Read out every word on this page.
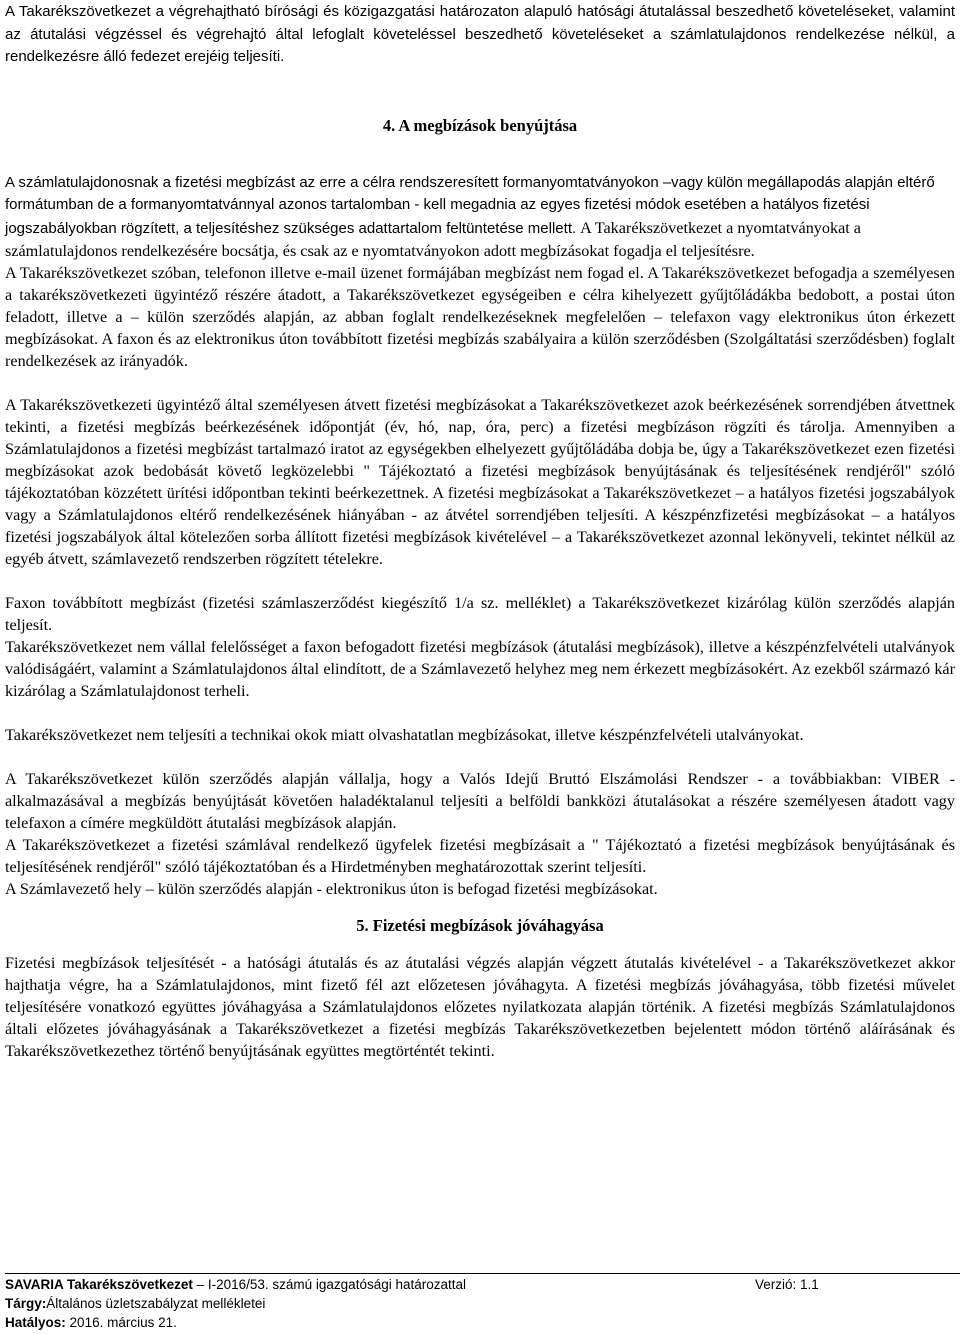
A Takarékszövetkezet a végrehajtható bírósági és közigazgatási határozaton alapuló hatósági átutalással beszedhető követeléseket, valamint az átutalási végzéssel és végrehajtó által lefoglalt követeléssel beszedhető követeléseket a számlatulajdonos rendelkezése nélkül, a rendelkezésre álló fedezet erejéig teljesíti.

4. A megbízások benyújtása

A számlatulajdonosnak a fizetési megbízást az erre a célra rendszeresített formanyomtatványokon –vagy külön megállapodás alapján eltérő formátumban de a formanyomtatvánnyal azonos tartalomban - kell megadnia az egyes fizetési módok esetében a hatályos fizetési jogszabályokban rögzített, a teljesítéshez szükséges adattartalom feltüntetése mellett.

A Takarékszövetkezet a nyomtatványokat a számlatulajdonos rendelkezésére bocsátja, és csak az e nyomtatványokon adott megbízásokat fogadja el teljesítésre.

A Takarékszövetkezet szóban, telefonon illetve e-mail üzenet formájában megbízást nem fogad el. A Takarékszövetkezet befogadja a személyesen a takarékszövetkezeti ügyintéző részére átadott, a Takarékszövetkezet egységeiben e célra kihelyezett gyűjtőládákba bedobott, a postai úton feladott, illetve a – külön szerződés alapján, az abban foglalt rendelkezéseknek megfelelően – telefaxon vagy elektronikus úton érkezett megbízásokat. A faxon és az elektronikus úton továbbított fizetési megbízás szabályaira a külön szerződésben (Szolgáltatási szerződésben) foglalt rendelkezések az irányadók.

A Takarékszövetkezeti ügyintéző által személyesen átvett fizetési megbízásokat a Takarékszövetkezet azok beérkezésének sorrendjében átvettnek tekinti, a fizetési megbízás beérkezésének időpontját (év, hó, nap, óra, perc) a fizetési megbízáson rögzíti és tárolja. Amennyiben a Számlatulajdonos a fizetési megbízást tartalmazó iratot az egységekben elhelyezett gyűjtőládába dobja be, úgy a Takarékszövetkezet ezen fizetési megbízásokat azok bedobását követő legközelebbi " Tájékoztató a fizetési megbízások benyújtásának és teljesítésének rendjéről" szóló tájékoztatóban közzétett ürítési időpontban tekinti beérkezettnek. A fizetési megbízásokat a Takarékszövetkezet – a hatályos fizetési jogszabályok vagy a Számlatulajdonos eltérő rendelkezésének hiányában - az átvétel sorrendjében teljesíti. A készpénzfizetési megbízásokat – a hatályos fizetési jogszabályok által kötelezően sorba állított fizetési megbízások kivételével – a Takarékszövetkezet azonnal lekönyveli, tekintet nélkül az egyéb átvett, számlavezető rendszerben rögzített tételekre.

Faxon továbbított megbízást (fizetési számlaszerződést kiegészítő 1/a sz. melléklet) a Takarékszövetkezet kizárólag külön szerződés alapján teljesít.

Takarékszövetkezet nem vállal felelősséget a faxon befogadott fizetési megbízások (átutalási megbízások), illetve a készpénzfelvételi utalványok valódiságáért, valamint a Számlatulajdonos által elindított, de a Számlavezető helyhez meg nem érkezett megbízásokért. Az ezekből származó kár kizárólag a Számlatulajdonost terheli.

Takarékszövetkezet nem teljesíti a technikai okok miatt olvashatatlan megbízásokat, illetve készpénzfelvételi utalványokat.

A Takarékszövetkezet külön szerződés alapján vállalja, hogy a Valós Idejű Bruttó Elszámolási Rendszer - a továbbiakban: VIBER - alkalmazásával a megbízás benyújtását követően haladéktalanul teljesíti a belföldi bankközi átutalásokat a részére személyesen átadott vagy telefaxon a címére megküldött átutalási megbízások alapján.

A Takarékszövetkezet a fizetési számlával rendelkező ügyfelek fizetési megbízásait a " Tájékoztató a fizetési megbízások benyújtásának és teljesítésének rendjéről" szóló tájékoztatóban és a Hirdetményben meghatározottak szerint teljesíti.

A Számlavezető hely – külön szerződés alapján - elektronikus úton is befogad fizetési megbízásokat.

5. Fizetési megbízások jóváhagyása

Fizetési megbízások teljesítését - a hatósági átutalás és az átutalási végzés alapján végzett átutalás kivételével - a Takarékszövetkezet akkor hajthatja végre, ha a Számlatulajdonos, mint fizető fél azt előzetesen jóváhagyta. A fizetési megbízás jóváhagyása, több fizetési művelet teljesítésére vonatkozó együttes jóváhagyása a Számlatulajdonos előzetes nyilatkozata alapján történik. A fizetési megbízás Számlatulajdonos általi előzetes jóváhagyásának a Takarékszövetkezet a fizetési megbízás Takarékszövetkezetben bejelentett módon történő aláírásának és Takarékszövetkezethez történő benyújtásának együttes megtörténtét tekinti.

SAVARIA Takarékszövetkezet
– I-2016/53. számú igazgatósági határozattal	Verzió: 1.1
Tárgy: Általános üzletszabályzat mellékletei
Hatályos:
2016. március 21.
